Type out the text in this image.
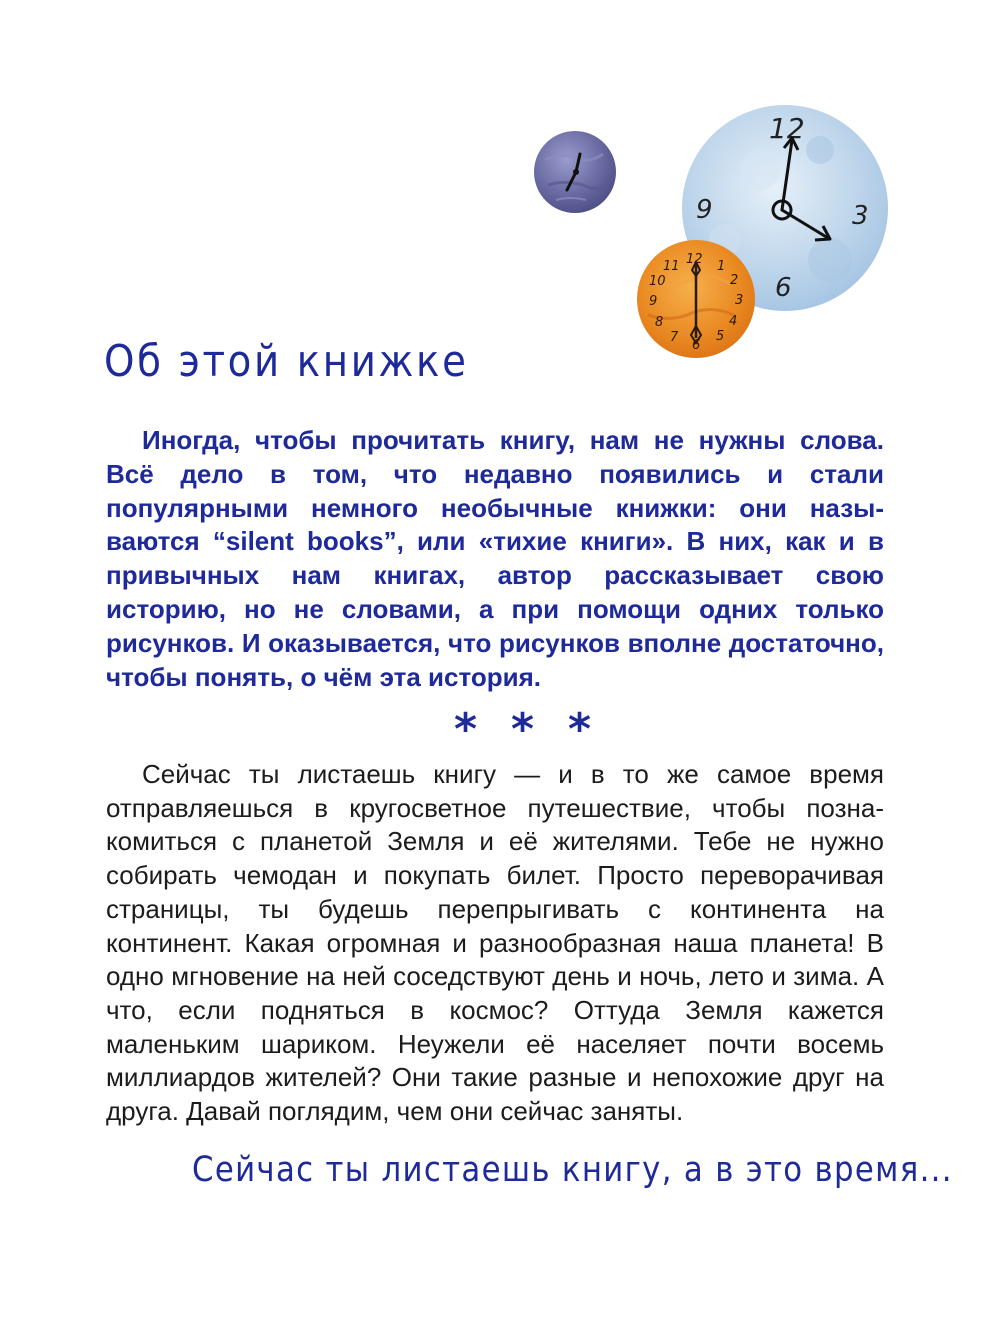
12
3
6
9
12 1
2
3
4
5
6
7
8
9
10
11
Об этой книжке

Иногда, чтобы прочитать книгу, нам не нужны слова. Всё дело в том, что недавно появились и стали популярными немного необычные книжки: они называются “silent books”, или «тихие книги». В них, как и в привычных нам книгах, автор рассказывает свою историю, но не словами, а при помощи одних только рисунков. И оказывается, что рисунков вполне достаточно, чтобы понять, о чём эта история.

***

Сейчас ты листаешь книгу — и в то же самое время отправляешься в кругосветное путешествие, чтобы познакомиться с планетой Земля и её жителями. Тебе не нужно собирать чемодан и покупать билет. Просто переворачивая страницы, ты будешь перепрыгивать с континента на континент. Какая огромная и разнообразная наша планета! В одно мгновение на ней соседствуют день и ночь, лето и зима. А что, если подняться в космос? Оттуда Земля кажется маленьким шариком. Неужели её населяет почти восемь миллиардов жителей? Они такие разные и непохожие друг на друга. Давай поглядим, чем они сейчас заняты.

Сейчас ты листаешь книгу, а в это время...
